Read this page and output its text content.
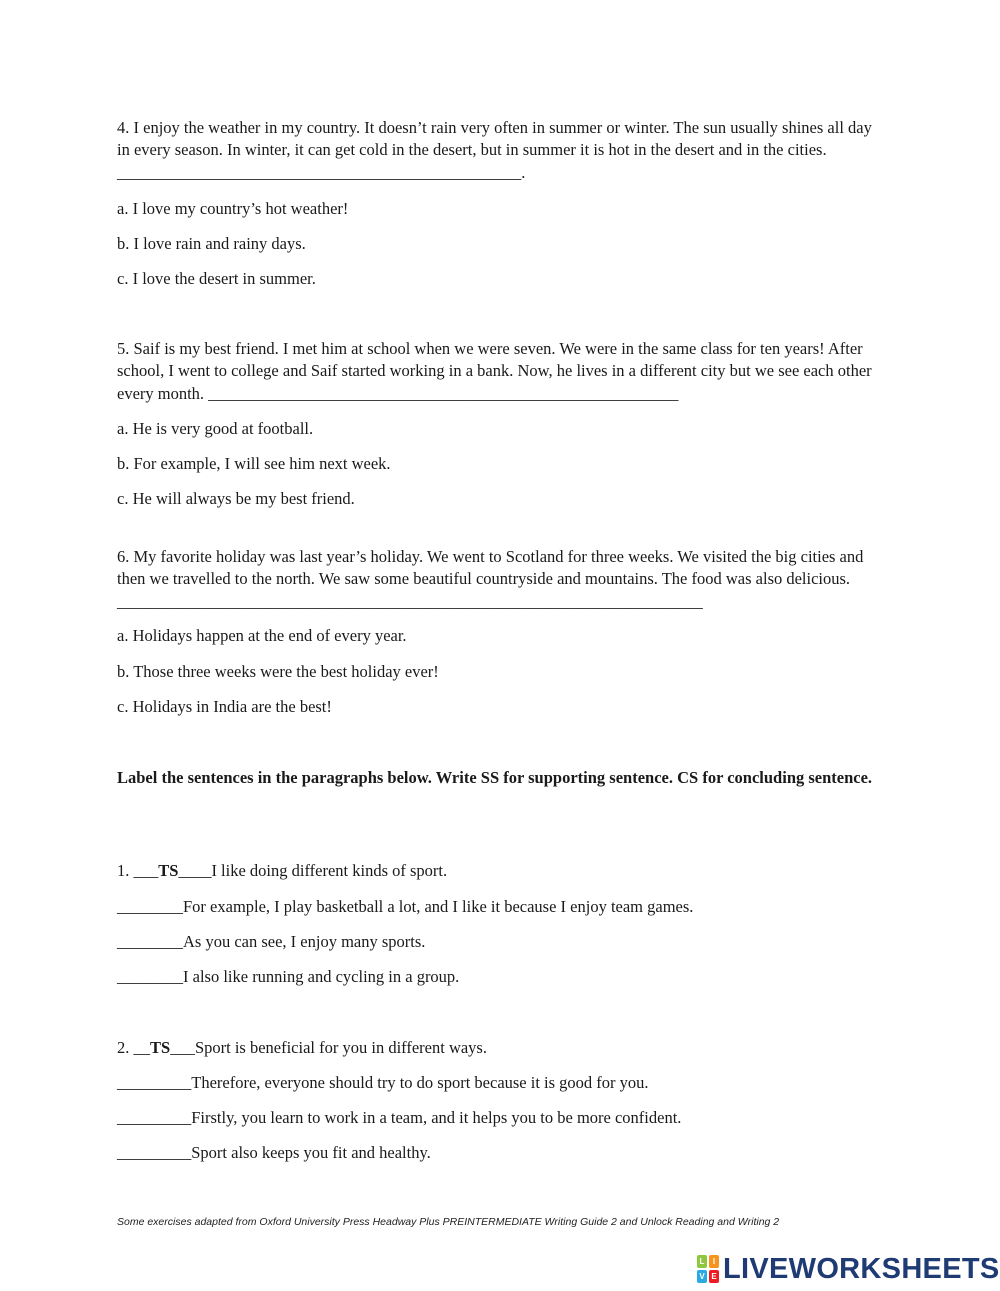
4. I enjoy the weather in my country. It doesn’t rain very often in summer or winter. The sun usually shines all day in every season. In winter, it can get cold in the desert, but in summer it is hot in the desert and in the cities. _________________________________________________.
a. I love my country’s hot weather!
b. I love rain and rainy days.
c. I love the desert in summer.
5. Saif is my best friend. I met him at school when we were seven. We were in the same class for ten years! After school, I went to college and Saif started working in a bank. Now, he lives in a different city but we see each other every month. _________________________________________________________
a. He is very good at football.
b. For example, I will see him next week.
c. He will always be my best friend.
6. My favorite holiday was last year’s holiday. We went to Scotland for three weeks. We visited the big cities and then we travelled to the north. We saw some beautiful countryside and mountains. The food was also delicious. _______________________________________________________________________
a. Holidays happen at the end of every year.
b. Those three weeks were the best holiday ever!
c. Holidays in India are the best!
Label the sentences in the paragraphs below. Write SS for supporting sentence. CS for concluding sentence.
1. ___TS____I like doing different kinds of sport.
________For example, I play basketball a lot, and I like it because I enjoy team games.
________As you can see, I enjoy many sports.
________I also like running and cycling in a group.
2. __TS___Sport is beneficial for you in different ways.
_________Therefore, everyone should try to do sport because it is good for you.
_________Firstly, you learn to work in a team, and it helps you to be more confident.
_________Sport also keeps you fit and healthy.
Some exercises adapted from Oxford University Press Headway Plus PREINTERMEDIATE Writing Guide 2 and Unlock Reading and Writing 2
L	I
V E LIVEWORKSHEETS
